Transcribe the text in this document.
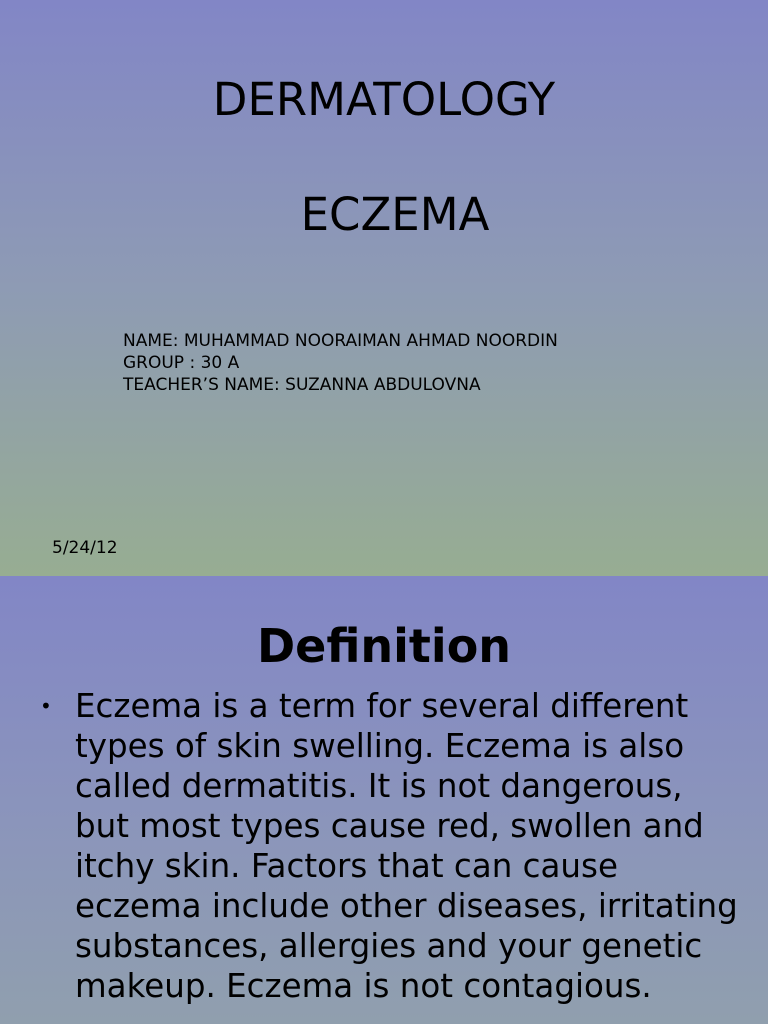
DERMATOLOGY
ECZEMA
NAME: MUHAMMAD NOORAIMAN AHMAD NOORDIN
GROUP : 30 A
TEACHER’S NAME: SUZANNA ABDULOVNA
5/24/12
Definition
• Eczema is a term for several different types of skin swelling. Eczema is also called dermatitis. It is not dangerous, but most types cause red, swollen and itchy skin. Factors that can cause eczema include other diseases, irritating substances, allergies and your genetic makeup. Eczema is not contagious.
